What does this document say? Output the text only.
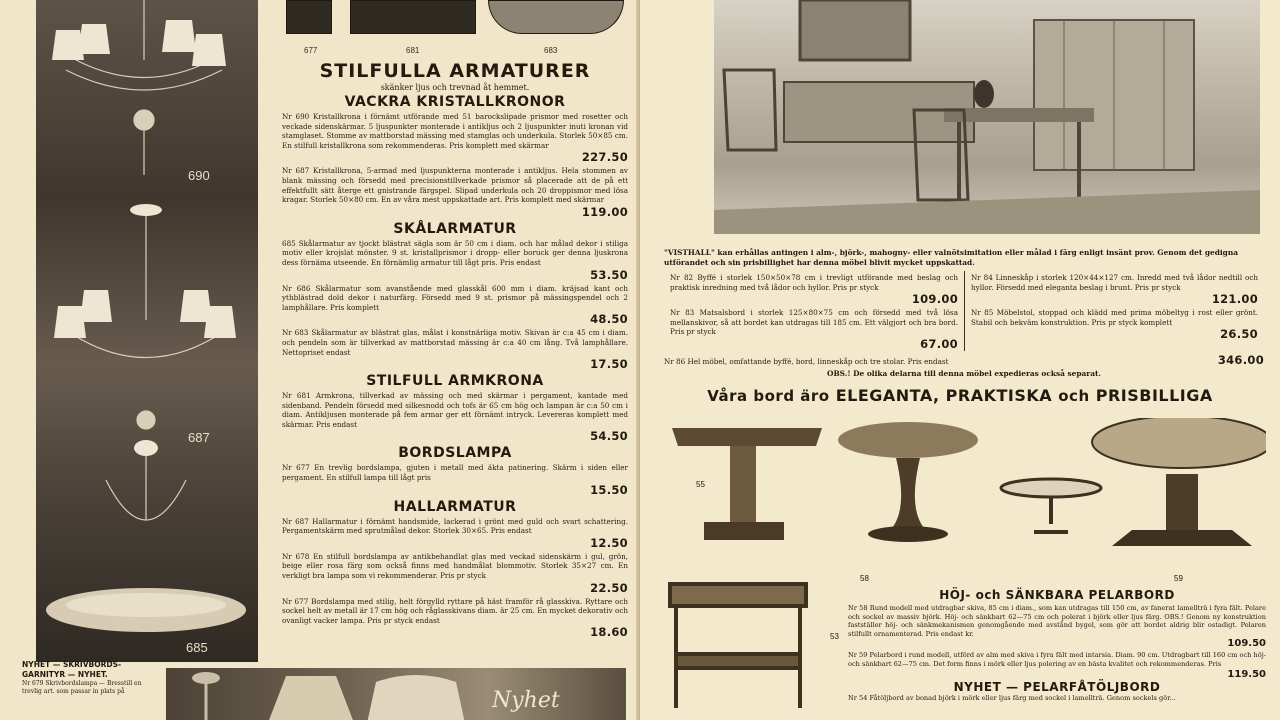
677	681	683
690
687
685
STILFULLA ARMATURER
skänker ljus och trevnad åt hemmet.
VACKRA KRISTALLKRONOR
Nr 690 Kristallkrona i förnämt utförande med 51 barockslipade prismor med rosetter och veckade sidenskärmar. 5 ljuspunkter monterade i antikljus och 2 ljuspunkter inuti kronan vid stamglaset. Stomme av mattborstad mässing med stamglas och underkula. Storlek 50×85 cm. En stilfull kristallkrona som rekommenderas. Pris komplett med skärmar
227.50
Nr 687 Kristallkrona, 5-armad med ljuspunkterna monterade i antikljus. Hela stommen av blank mässing och försedd med precisionstillverkade prismor så placerade att de på ett effektfullt sätt återge ett gnistrande färgspel. Slipad underkula och 20 droppismor med lösa kragar. Storlek 50×80 cm. En av våra mest uppskattade art. Pris komplett med skärmar
119.00
SKÅLARMATUR
685 Skålarmatur av tjockt blästrat sägla som är 50 cm i diam. och har målad dekor i stiliga motiv eller krojslat mönster. 9 st. kristallprismor i dropp- eller boruck ger denna ljuskrona dess förnäma utseende. En förnämlig armatur till lågt pris. Pris endast
53.50
Nr 686 Skålarmatur som avanstående med glasskål 600 mm i diam. kräjsad kant och ythblästrad dold dekor i naturfärg. Försedd med 9 st. prismor på mässingspendel och 2 lamphållare. Pris komplett
48.50
Nr 683 Skålarmatur av blästrat glas, målat i konstnärliga motiv. Skivan är c:a 45 cm i diam. och pendeln som är tillverkad av mattborstad mässing är c:a 40 cm lång. Två lamphållare. Nettopriset endast
17.50
STILFULL ARMKRONA
Nr 681 Armkrona, tillverkad av mässing och med skärmar i pergament, kantade med sidenband. Pendeln försedd med silkesnodd och tofs är 65 cm hög och lampan är c:a 50 cm i diam. Antikljusen monterade på fem armar ger ett förnämt intryck. Levereras komplett med skärmar. Pris endast
54.50
BORDSLAMPA
Nr 677 En trevlig bordslampa, gjuten i metall med äkta patinering. Skärm i siden eller pergament. En stilfull lampa till lågt pris
15.50
HALLARMATUR
Nr 687 Hallarmatur i förnämt handsmide, lackerad i grönt med guld och svart schattering. Pergamentskärm med sprutmålad dekor. Storlek 30×65. Pris endast
12.50
Nr 678 En stilfull bordslampa av antikbehandlat glas med veckad sidenskärm i gul, grön, beige eller rosa färg som också finns med handmålat blommotiv. Storlek 35×27 cm. En verkligt bra lampa som vi rekommenderar. Pris pr styck
22.50
Nr 677 Bordslampa med stilig, helt förgylld ryttare på häst framför rå glasskiva. Ryttare och sockel helt av metall är 17 cm hög och råglasskivans diam. är 25 cm. En mycket dekorativ och ovanligt vacker lampa. Pris pr styck endast
18.60
NYHET — SKRIVBORDS-GARNITYR — NYHET.
Nr 679 Skrivbordslampa — Bresstill en trevlig art. som passar in plats på	Nyhet
"VISTHALL" kan erhållas antingen i alm-, björk-, mahogny- eller valnötsimitation eller målad i färg enligt insänt prov. Genom det gedigna utförandet och sin prisbillighet har denna möbel blivit mycket uppskattad.
Nr 82 Byffé i storlek 150×50×78 cm i trevligt utförande med beslag och praktisk inredning med två lådor och hyllor. Pris pr styck
109.00
Nr 83 Matsalsbord i storlek 125×80×75 cm och försedd med två lösa mellanskivor, så att bordet kan utdragas till 185 cm. Ett välgjort och bra bord. Pris pr styck
67.00
Nr 84 Linneskåp i storlek 120×44×127 cm. Inredd med två lådor nedtill och hyllor. Försedd med eleganta beslag i brunt. Pris pr styck
121.00
Nr 85 Möbelstol, stoppad och klädd med prima möbeltyg i rost eller grönt. Stabil och bekväm konstruktion. Pris pr styck komplett
26.50
Nr 86 Hel möbel, omfattande byffé, bord, linneskåp och tre stolar. Pris endast	346.00
OBS.! De olika delarna till denna möbel expedieras också separat.
Våra bord äro ELEGANTA, PRAKTISKA och PRISBILLIGA
55
58	59
53
HÖJ- och SÄNKBARA PELARBORD
Nr 58 Rund modell med utdragbar skiva, 85 cm i diam., som kan utdragas till 150 cm, av fanerat lamellträ i fyra fält. Pelare och sockel av massiv björk. Höj- och sänkbart 62—75 cm och polerat i björk eller ljus färg. OBS.! Genom ny konstruktion fastställer höj- och sänkmekanismen genomgående med avstånd bygel, som gör att bordet aldrig blir ostadigt. Pelaren stilfullt ornamenterad. Pris endast kr.
109.50
Nr 59 Pelarbord i rund modell, utförd av alm med skiva i fyra fält med intarsia. Diam. 90 cm. Utdragbart till 160 cm och höj- och sänkbart 62—75 cm. Det form finns i mörk eller ljus polering av en bästa kvalitet och rekommenderas. Pris
119.50
NYHET — PELARFÅTÖLJBORD
Nr 54 Fåtöljbord av bonad björk i mörk eller ljus färg med sockel i lamellträ. Genom sockels gör...
